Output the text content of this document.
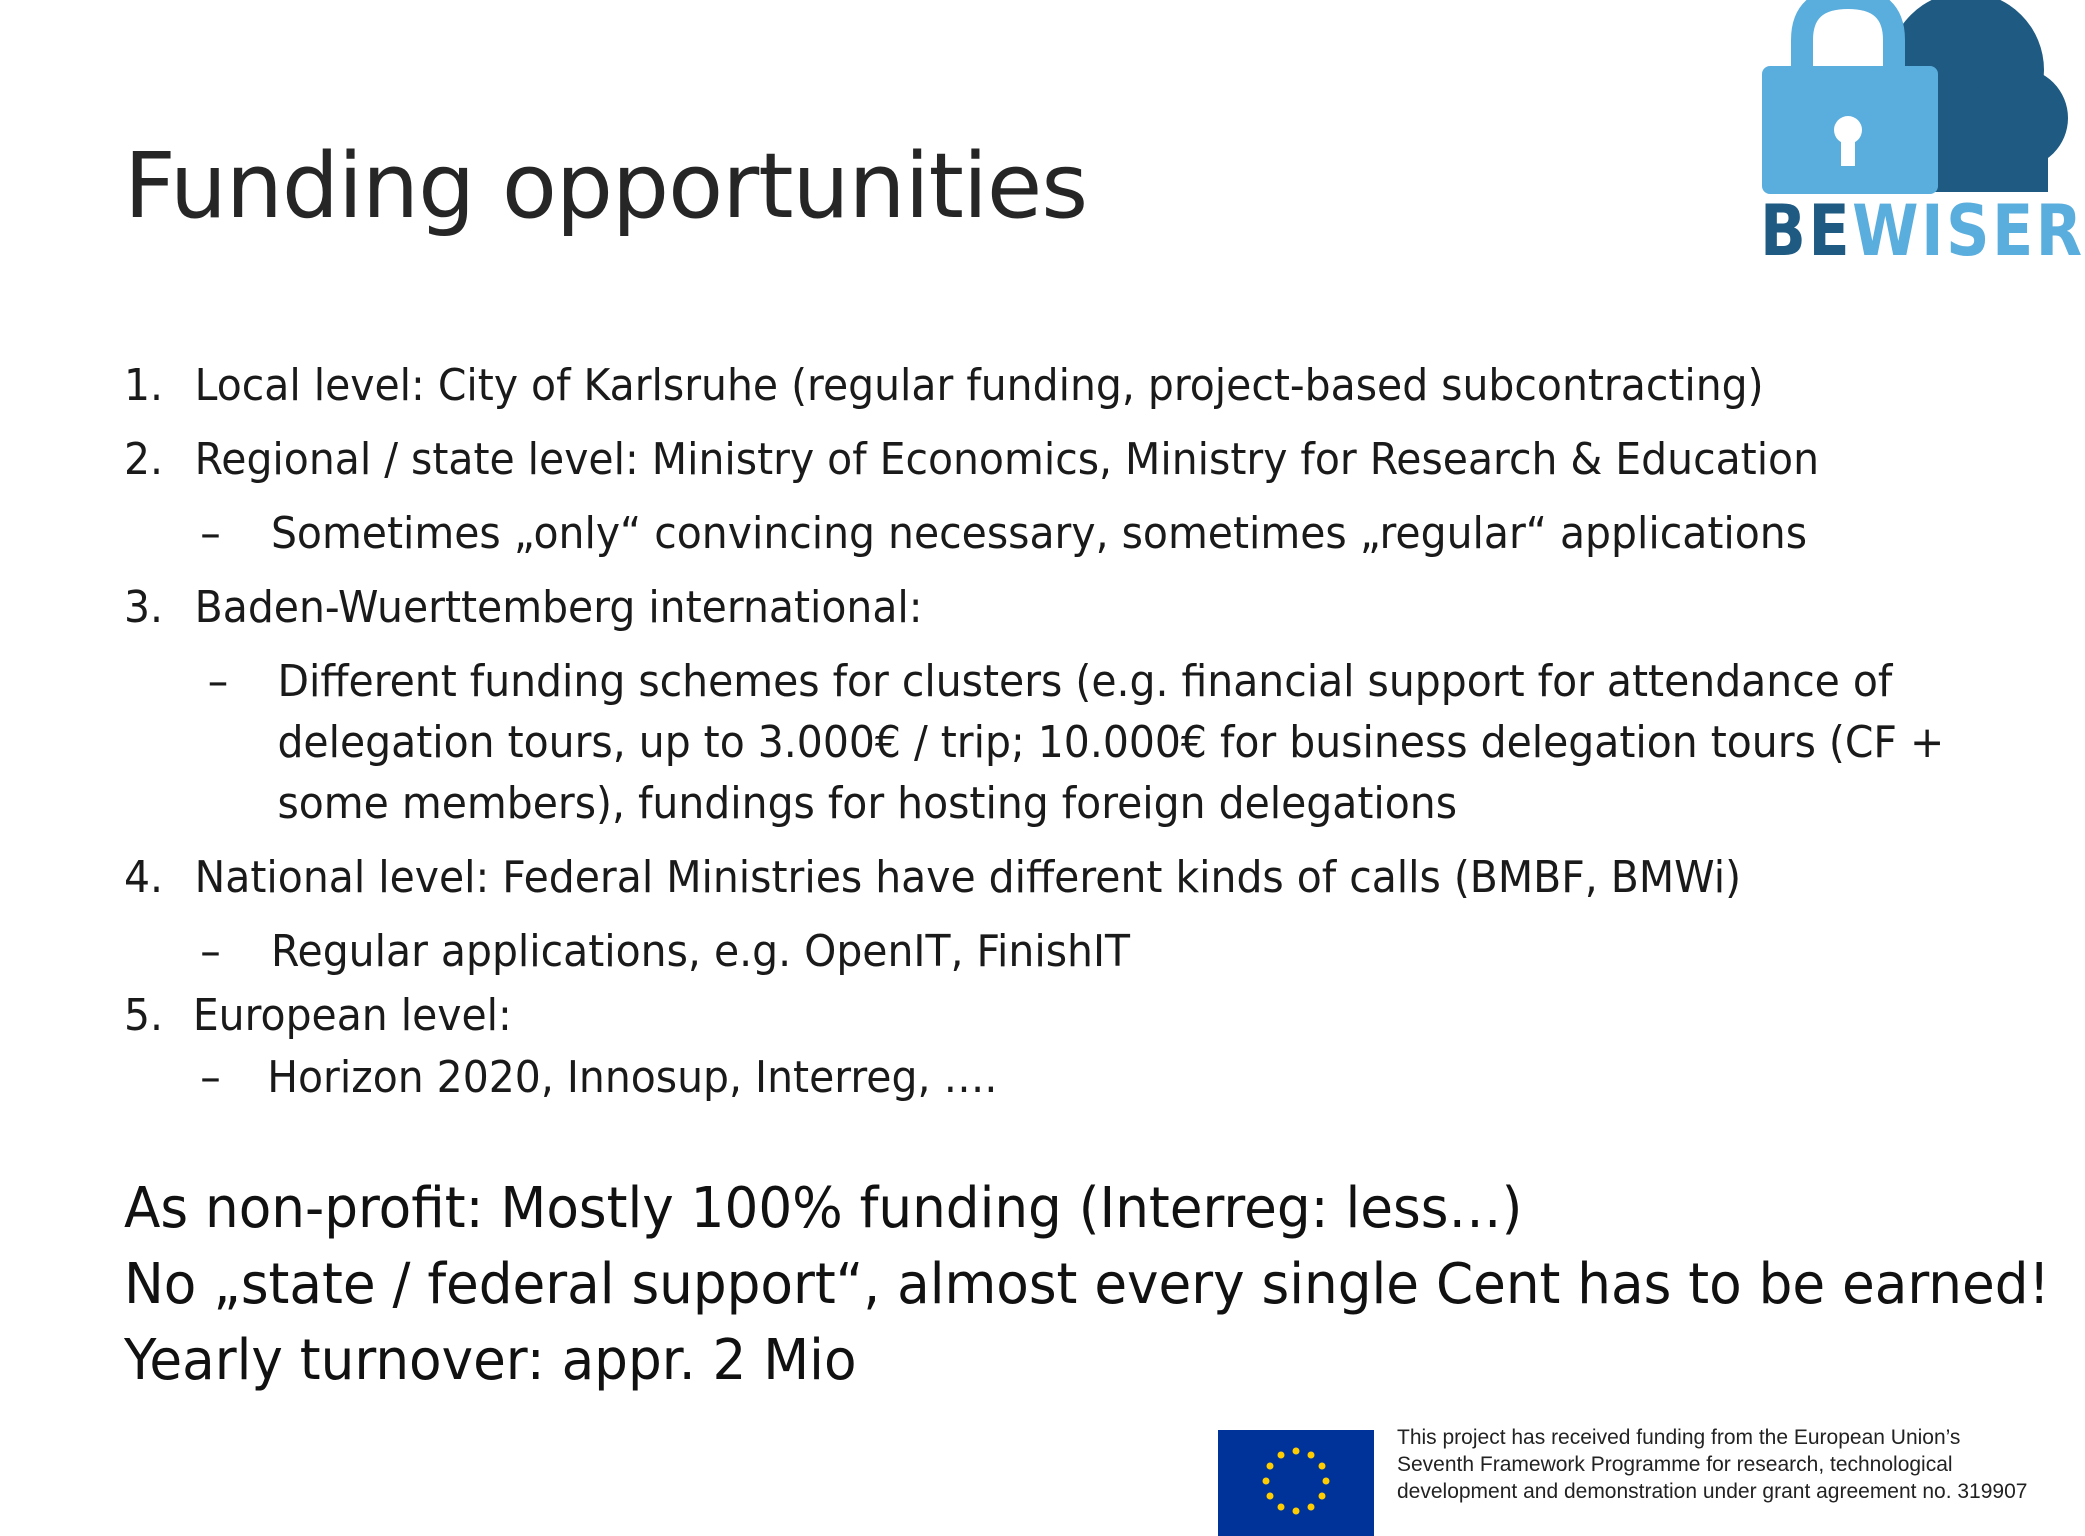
Funding opportunities	BEWISER
1. Local level: City of Karlsruhe (regular funding, project-based subcontracting)
2. Regional / state level: Ministry of Economics, Ministry for Research & Education
– Sometimes „only“ convincing necessary, sometimes „regular“ applications
3. Baden-Wuerttemberg international:
– Different funding schemes for clusters (e.g. financial support for attendance of
delegation tours, up to 3.000€ / trip; 10.000€ for business delegation tours (CF +
some members), fundings for hosting foreign delegations
4. National level: Federal Ministries have different kinds of calls (BMBF, BMWi)
– Regular applications, e.g. OpenIT, FinishIT
5. European level:
– Horizon 2020, Innosup, Interreg, ….
As non-profit: Mostly 100% funding (Interreg: less…)
No „state / federal support“, almost every single Cent has to be earned!
Yearly turnover: appr. 2 Mio
This project has received funding from the European Union’s Seventh Framework Programme for research, technological development and demonstration under grant agreement no. 319907
